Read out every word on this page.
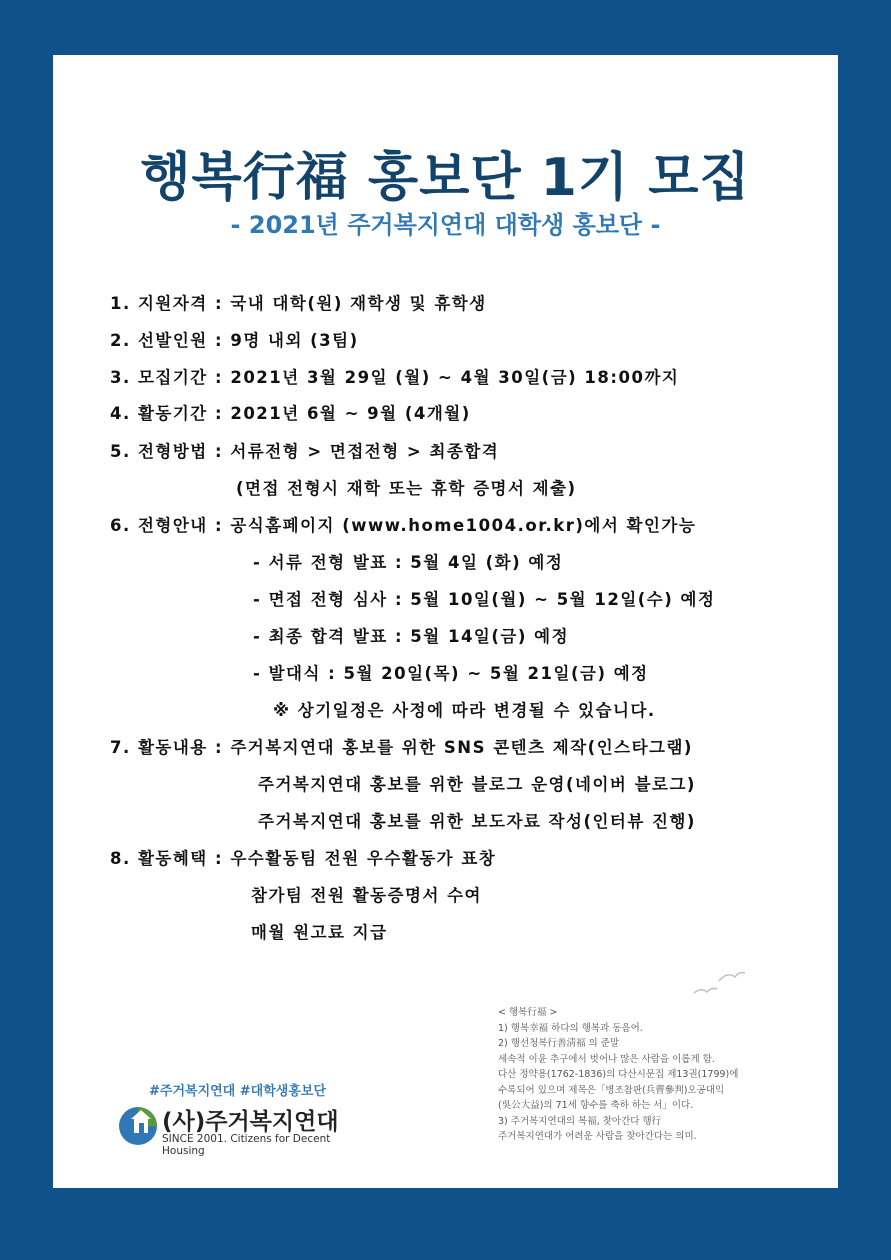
행복行福 홍보단 1기 모집
- 2021년 주거복지연대 대학생 홍보단 -
1. 지원자격 : 국내 대학(원) 재학생 및 휴학생
2. 선발인원 : 9명 내외 (3팀)
3. 모집기간 : 2021년 3월 29일 (월) ~ 4월 30일(금) 18:00까지
4. 활동기간 : 2021년 6월 ~ 9월 (4개월)
5. 전형방법 : 서류전형 > 면접전형 > 최종합격
(면접 전형시 재학 또는 휴학 증명서 제출)
6. 전형안내 : 공식홈페이지 (www.home1004.or.kr)에서 확인가능
- 서류 전형 발표 : 5월 4일 (화) 예정
- 면접 전형 심사 : 5월 10일(월) ~ 5월 12일(수) 예정
- 최종 합격 발표 : 5월 14일(금) 예정
- 발대식 : 5월 20일(목) ~ 5월 21일(금) 예정
※ 상기일정은 사정에 따라 변경될 수 있습니다.
7. 활동내용 : 주거복지연대 홍보를 위한 SNS 콘텐츠 제작(인스타그램)
주거복지연대 홍보를 위한 블로그 운영(네이버 블로그)
주거복지연대 홍보를 위한 보도자료 작성(인터뷰 진행)
8. 활동혜택 : 우수활동팀 전원 우수활동가 표창
참가팀 전원 활동증명서 수여
매월 원고료 지급
< 행복行福 >
1) 행복幸福 하다의 행복과 동음어.
2) 행선청복行善淸福 의 준말
세속적 이윤 추구에서 벗어나 많은 사람을 이롭게 함.
다산 정약용(1762-1836)의 다산시문집 제13권(1799)에
수록되어 있으며 제목은「병조참판(兵曹參判)오공대익
(吳公大益)의 71세 향수를 축하 하는 서」이다.
3) 주거복지연대의 복福, 찾아간다 행行
주거복지연대가 어려운 사람을 찾아간다는 의미.
#주거복지연대 #대학생홍보단
(사)주거복지연대
SINCE 2001. Citizens for Decent Housing
